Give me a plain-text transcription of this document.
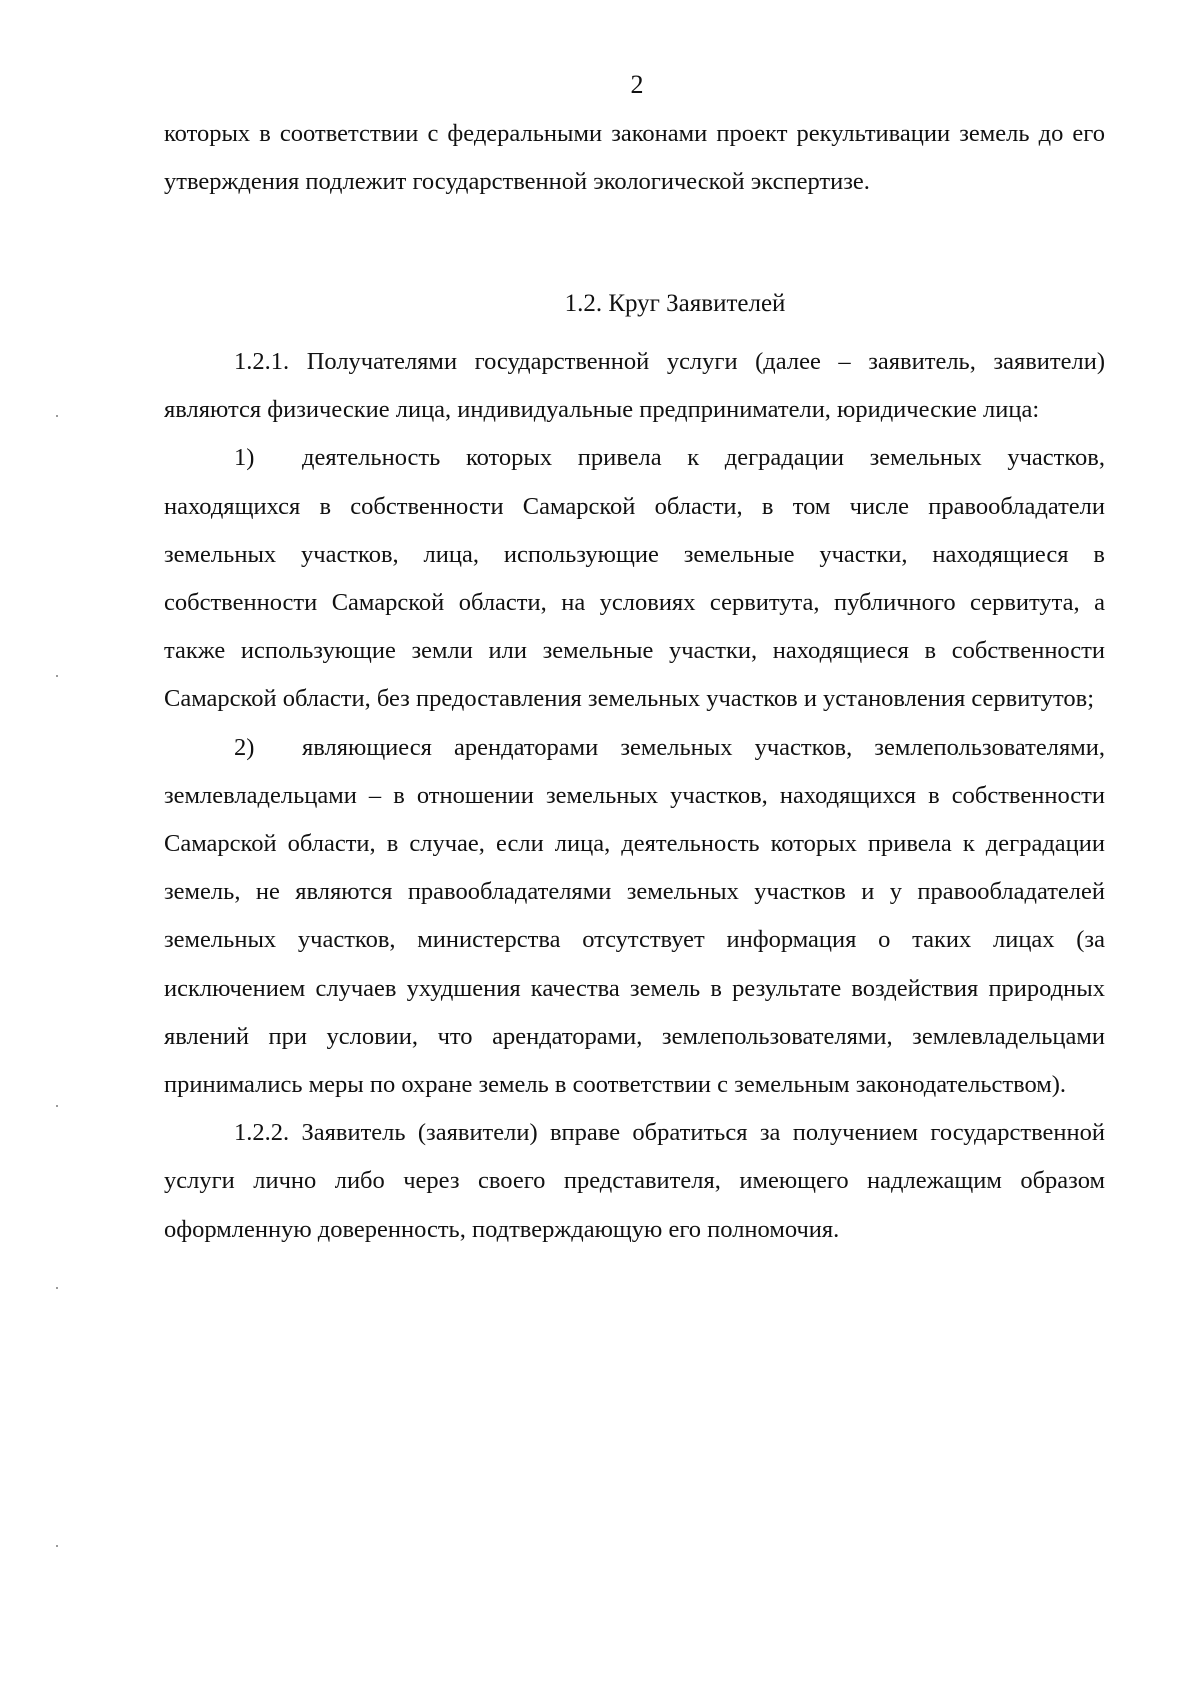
2

которых в соответствии с федеральными законами проект рекультивации земель до его утверждения подлежит государственной экологической экспертизе.

1.2. Круг Заявителей

1.2.1. Получателями государственной услуги (далее – заявитель, заявители) являются физические лица, индивидуальные предприниматели, юридические лица:

1) деятельность которых привела к деградации земельных участков, находящихся в собственности Самарской области, в том числе правообладатели земельных участков, лица, использующие земельные участки, находящиеся в собственности Самарской области, на условиях сервитута, публичного сервитута, а также использующие земли или земельные участки, находящиеся в собственности Самарской области, без предоставления земельных участков и установления сервитутов;

2) являющиеся арендаторами земельных участков, землепользователями, землевладельцами – в отношении земельных участков, находящихся в собственности Самарской области, в случае, если лица, деятельность которых привела к деградации земель, не являются правообладателями земельных участков и у правообладателей земельных участков, министерства отсутствует информация о таких лицах (за исключением случаев ухудшения качества земель в результате воздействия природных явлений при условии, что арендаторами, землепользователями, землевладельцами принимались меры по охране земель в соответствии с земельным законодательством).

1.2.2. Заявитель (заявители) вправе обратиться за получением государственной услуги лично либо через своего представителя, имеющего надлежащим образом оформленную доверенность, подтверждающую его полномочия.
